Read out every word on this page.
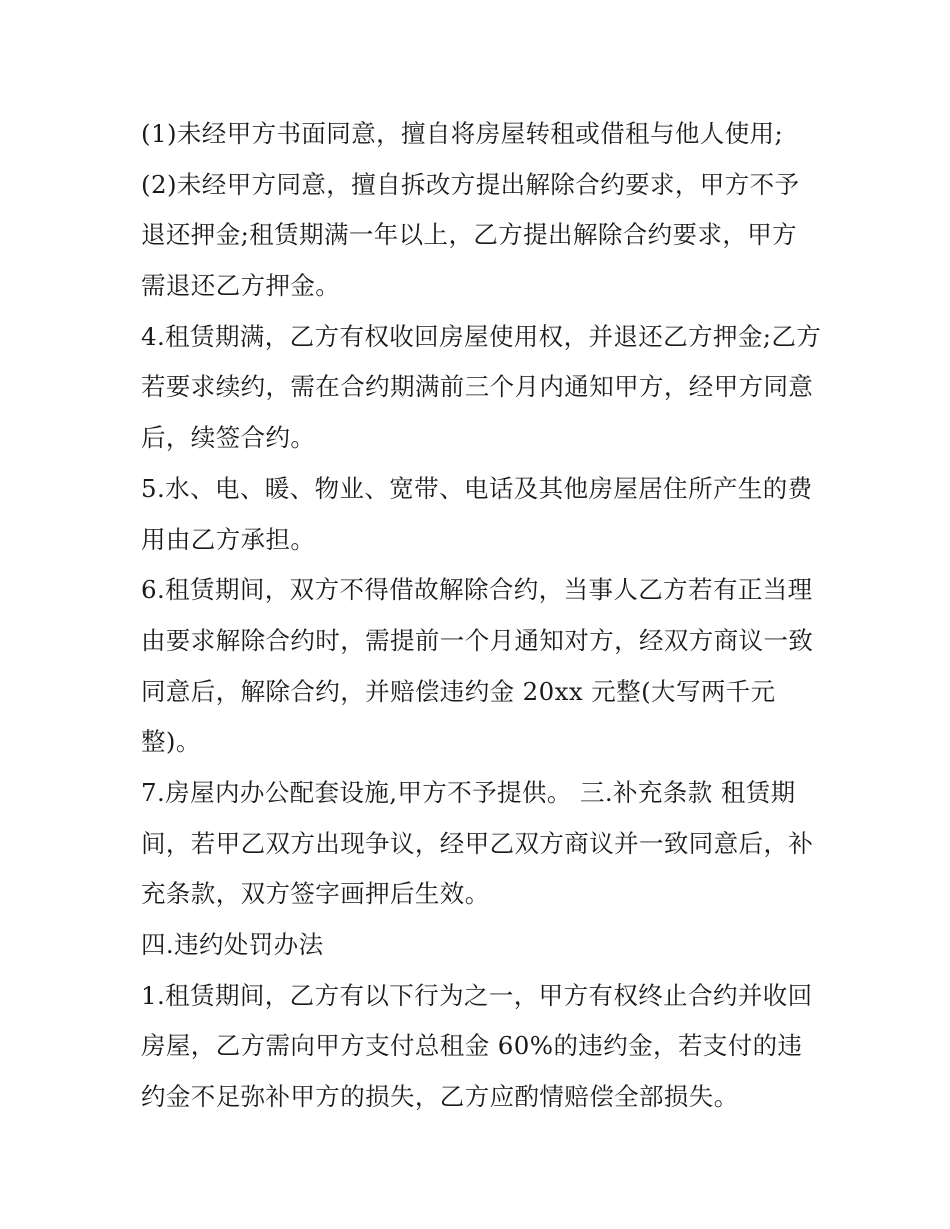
(1)未经甲方书面同意，擅自将房屋转租或借租与他人使用;
(2)未经甲方同意，擅自拆改方提出解除合约要求，甲方不予
退还押金;租赁期满一年以上，乙方提出解除合约要求，甲方
需退还乙方押金。
4.租赁期满，乙方有权收回房屋使用权，并退还乙方押金;乙方
若要求续约，需在合约期满前三个月内通知甲方，经甲方同意
后，续签合约。
5.水、电、暖、物业、宽带、电话及其他房屋居住所产生的费
用由乙方承担。
6.租赁期间，双方不得借故解除合约，当事人乙方若有正当理
由要求解除合约时，需提前一个月通知对方，经双方商议一致
同意后，解除合约，并赔偿违约金 20xx 元整(大写两千元
整)。
7.房屋内办公配套设施,甲方不予提供。 三.补充条款 租赁期
间，若甲乙双方出现争议，经甲乙双方商议并一致同意后，补
充条款，双方签字画押后生效。
四.违约处罚办法
1.租赁期间，乙方有以下行为之一，甲方有权终止合约并收回
房屋，乙方需向甲方支付总租金 60%的违约金，若支付的违
约金不足弥补甲方的损失，乙方应酌情赔偿全部损失。
